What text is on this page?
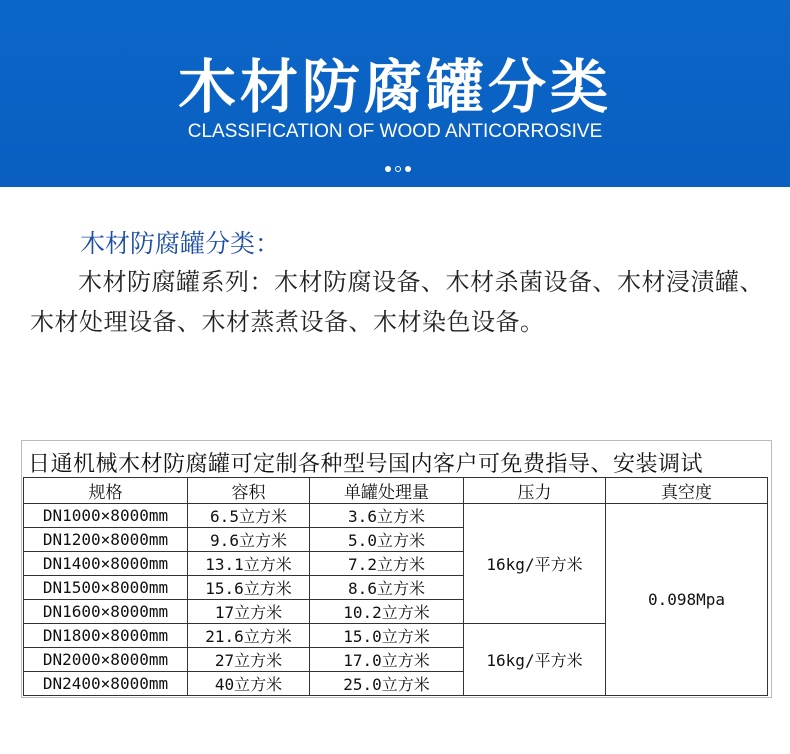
木材防腐罐分类
CLASSIFICATION OF WOOD ANTICORROSIVE
木材防腐罐分类：
木材防腐罐系列：木材防腐设备、木材杀菌设备、木材浸渍罐、木材处理设备、木材蒸煮设备、木材染色设备。
日通机械木材防腐罐可定制各种型号国内客户可免费指导、安装调试
规格	容积	单罐处理量	压力	真空度
DN1000×8000mm	6.5立方米	3.6立方米	16kg/平方米	0.098Mpa
DN1200×8000mm	9.6立方米	5.0立方米		
DN1400×8000mm	13.1立方米	7.2立方米		
DN1500×8000mm	15.6立方米	8.6立方米		
DN1600×8000mm	17立方米	10.2立方米		
DN1800×8000mm	21.6立方米	15.0立方米	16kg/平方米	
DN2000×8000mm	27立方米	17.0立方米		
DN2400×8000mm	40立方米	25.0立方米		
